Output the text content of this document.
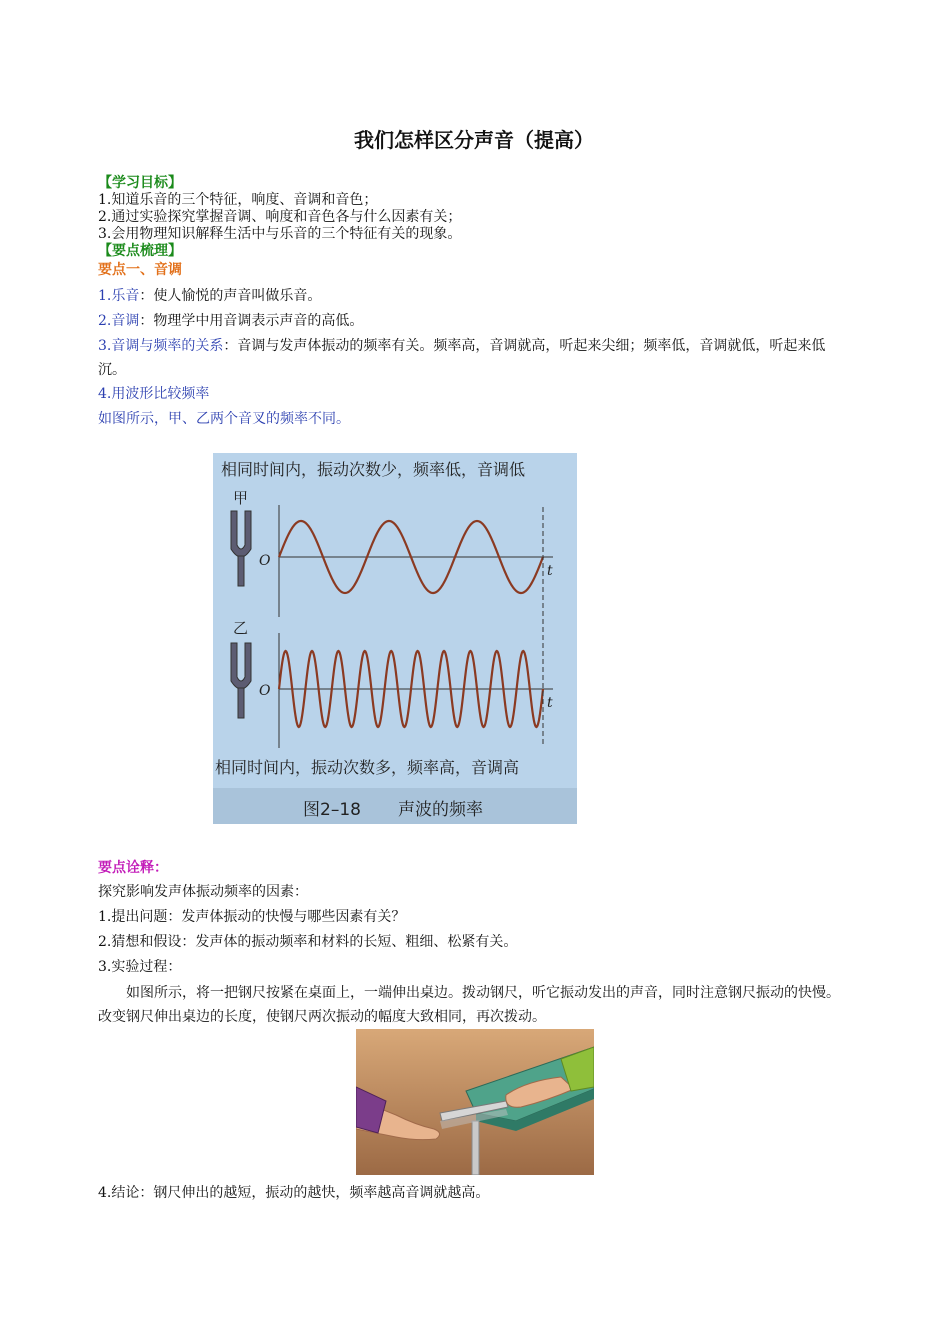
我们怎样区分声音（提高）
【学习目标】
1.知道乐音的三个特征，响度、音调和音色；
2.通过实验探究掌握音调、响度和音色各与什么因素有关；
3.会用物理知识解释生活中与乐音的三个特征有关的现象。
【要点梳理】
要点一、音调
1.乐音：使人愉悦的声音叫做乐音。
2.音调：物理学中用音调表示声音的高低。
3.音调与频率的关系：音调与发声体振动的频率有关。频率高，音调就高，听起来尖细；频率低，音调就低，听起来低沉。
4.用波形比较频率
如图所示，甲、乙两个音叉的频率不同。
要点诠释：
探究影响发声体振动频率的因素：
1.提出问题：发声体振动的快慢与哪些因素有关？
2.猜想和假设：发声体的振动频率和材料的长短、粗细、松紧有关。
3.实验过程：
如图所示，将一把钢尺按紧在桌面上，一端伸出桌边。拨动钢尺，听它振动发出的声音，同时注意钢尺振动的快慢。改变钢尺伸出桌边的长度，使钢尺两次振动的幅度大致相同，再次拨动。
4.结论：钢尺伸出的越短，振动的越快，频率越高音调就越高。
相同时间内，振动次数少，频率低，音调低
甲
O
t
乙
O
t
相同时间内，振动次数多，频率高，音调高
图2–18 声波的频率
